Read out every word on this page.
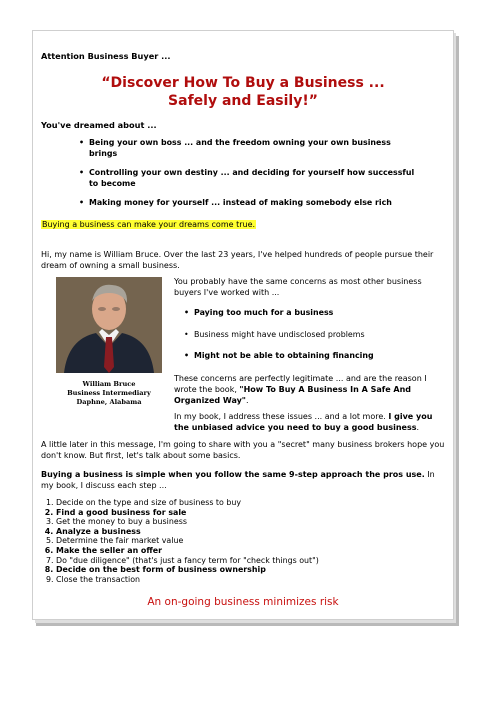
Attention Business Buyer ...
“Discover How To Buy a Business ...
Safely and Easily!”
You've dreamed about ...
• Being your own boss ... and the freedom owning your own business brings
• Controlling your own destiny ... and deciding for yourself how successful to become
• Making money for yourself ... instead of making somebody else rich
Buying a business can make your dreams come true.
Hi, my name is William Bruce. Over the last 23 years, I've helped hundreds of people pursue their dream of owning a small business.
William Bruce
Business Intermediary
Daphne, Alabama
You probably have the same concerns as most other business buyers I've worked with ...
• Paying too much for a business
• Business might have undisclosed problems
• Might not be able to obtaining financing
These concerns are perfectly legitimate ... and are the reason I wrote the book, "How To Buy A Business In A Safe And Organized Way".
In my book, I address these issues ... and a lot more. I give you the unbiased advice you need to buy a good business.
A little later in this message, I'm going to share with you a "secret" many business brokers hope you don't know. But first, let's talk about some basics.
Buying a business is simple when you follow the same 9-step approach the pros use. In my book, I discuss each step ...
1. Decide on the type and size of business to buy
2. Find a good business for sale
3. Get the money to buy a business
4. Analyze a business
5. Determine the fair market value
6. Make the seller an offer
7. Do "due diligence" (that's just a fancy term for "check things out")
8. Decide on the best form of business ownership
9. Close the transaction
An on-going business minimizes risk
